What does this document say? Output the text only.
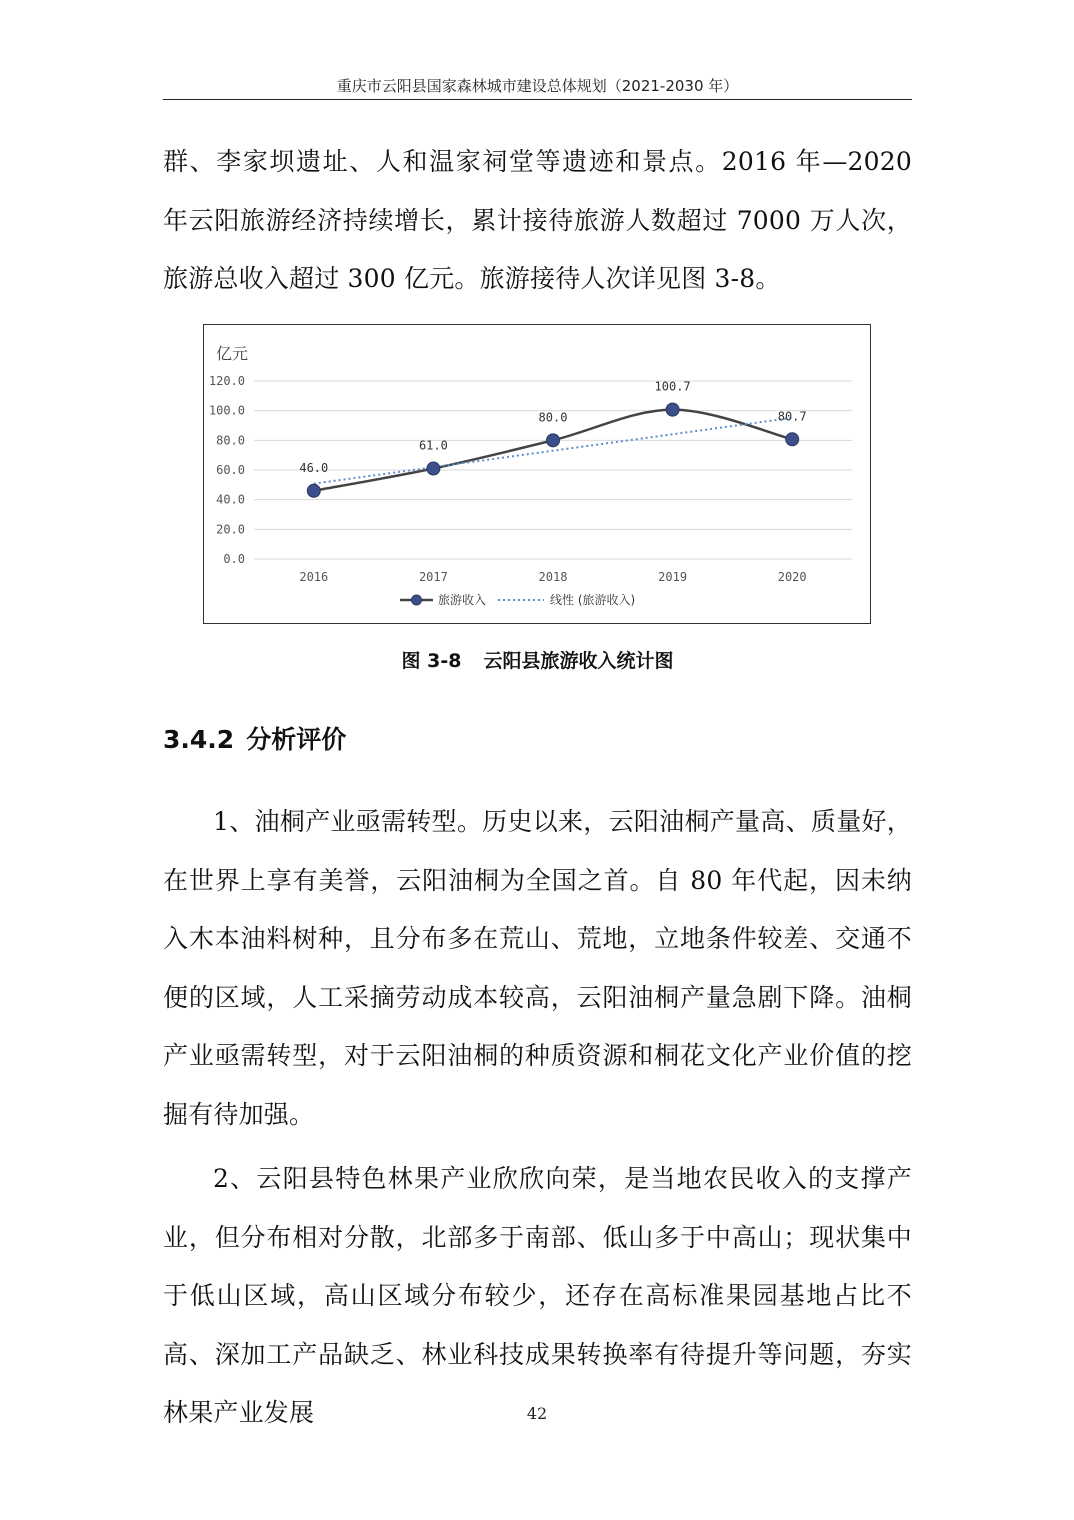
重庆市云阳县国家森林城市建设总体规划（2021-2030 年）

群、李家坝遗址、人和温家祠堂等遗迹和景点。2016 年—2020 年云阳旅游经济持续增长，累计接待旅游人数超过 7000 万人次，旅游总收入超过 300 亿元。旅游接待人次详见图 3-8。

亿元
0.0
20.0
40.0
60.0
80.0
100.0
120.0
2016	2017	2018	2019	2020
46.0
61.0
80.0
100.7
80.7
旅游收入	线性 (旅游收入)
图 3-8 云阳县旅游收入统计图
3.4.2 分析评价

1、油桐产业亟需转型。历史以来，云阳油桐产量高、质量好，在世界上享有美誉，云阳油桐为全国之首。自 80 年代起，因未纳入木本油料树种，且分布多在荒山、荒地，立地条件较差、交通不便的区域，人工采摘劳动成本较高，云阳油桐产量急剧下降。油桐产业亟需转型，对于云阳油桐的种质资源和桐花文化产业价值的挖掘有待加强。

2、云阳县特色林果产业欣欣向荣，是当地农民收入的支撑产业，但分布相对分散，北部多于南部、低山多于中高山；现状集中于低山区域，高山区域分布较少，还存在高标准果园基地占比不高、深加工产品缺乏、林业科技成果转换率有待提升等问题，夯实林果产业发展	42
